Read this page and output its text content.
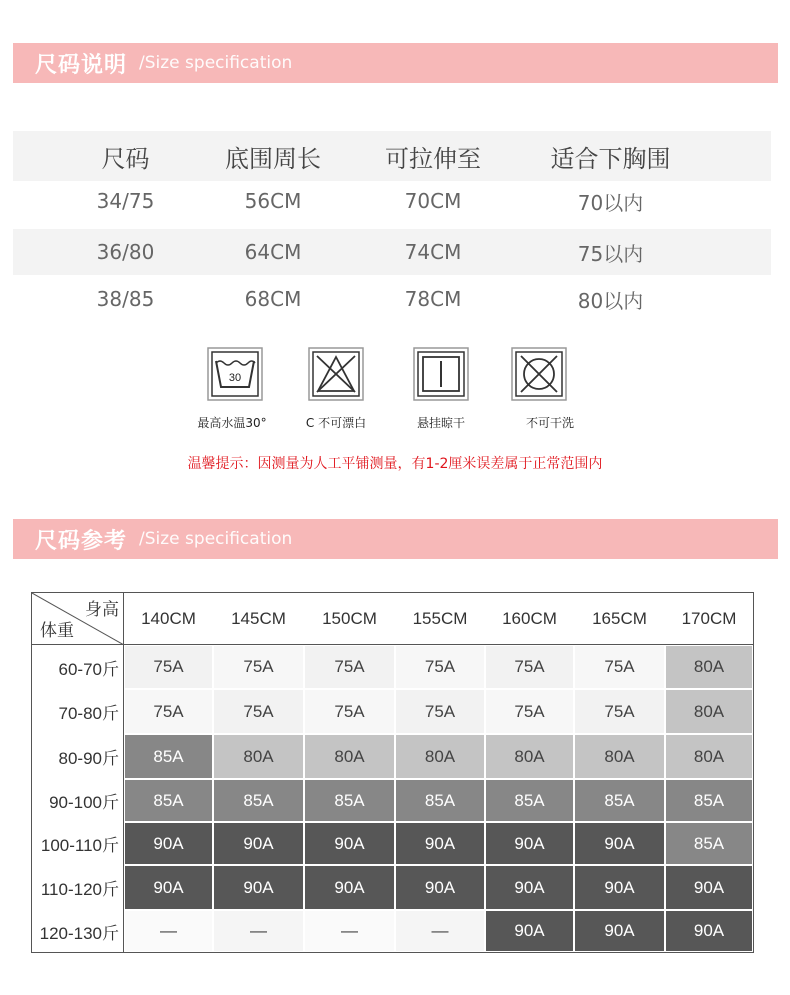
尺码说明 /Size specification
尺码	底围周长	可拉伸至	适合下胸围
34/75	56CM	70CM	70以内
36/80	64CM	74CM	75以内
38/85	68CM	78CM	80以内
30
最高水温30°	C 不可漂白	悬挂晾干	不可干洗
温馨提示：因测量为人工平铺测量，有1-2厘米误差属于正常范围内
尺码参考 /Size specification
身高
体重
140CM	145CM	150CM	155CM	160CM	165CM	170CM
60-70斤	75A	75A	75A	75A	75A	75A	80A
70-80斤	75A	75A	75A	75A	75A	75A	80A
80-90斤	85A	80A	80A	80A	80A	80A	80A
90-100斤	85A	85A	85A	85A	85A	85A	85A
100-110斤	90A	90A	90A	90A	90A	90A	85A
110-120斤	90A	90A	90A	90A	90A	90A	90A
120-130斤	—	—	—	—	90A	90A	90A
